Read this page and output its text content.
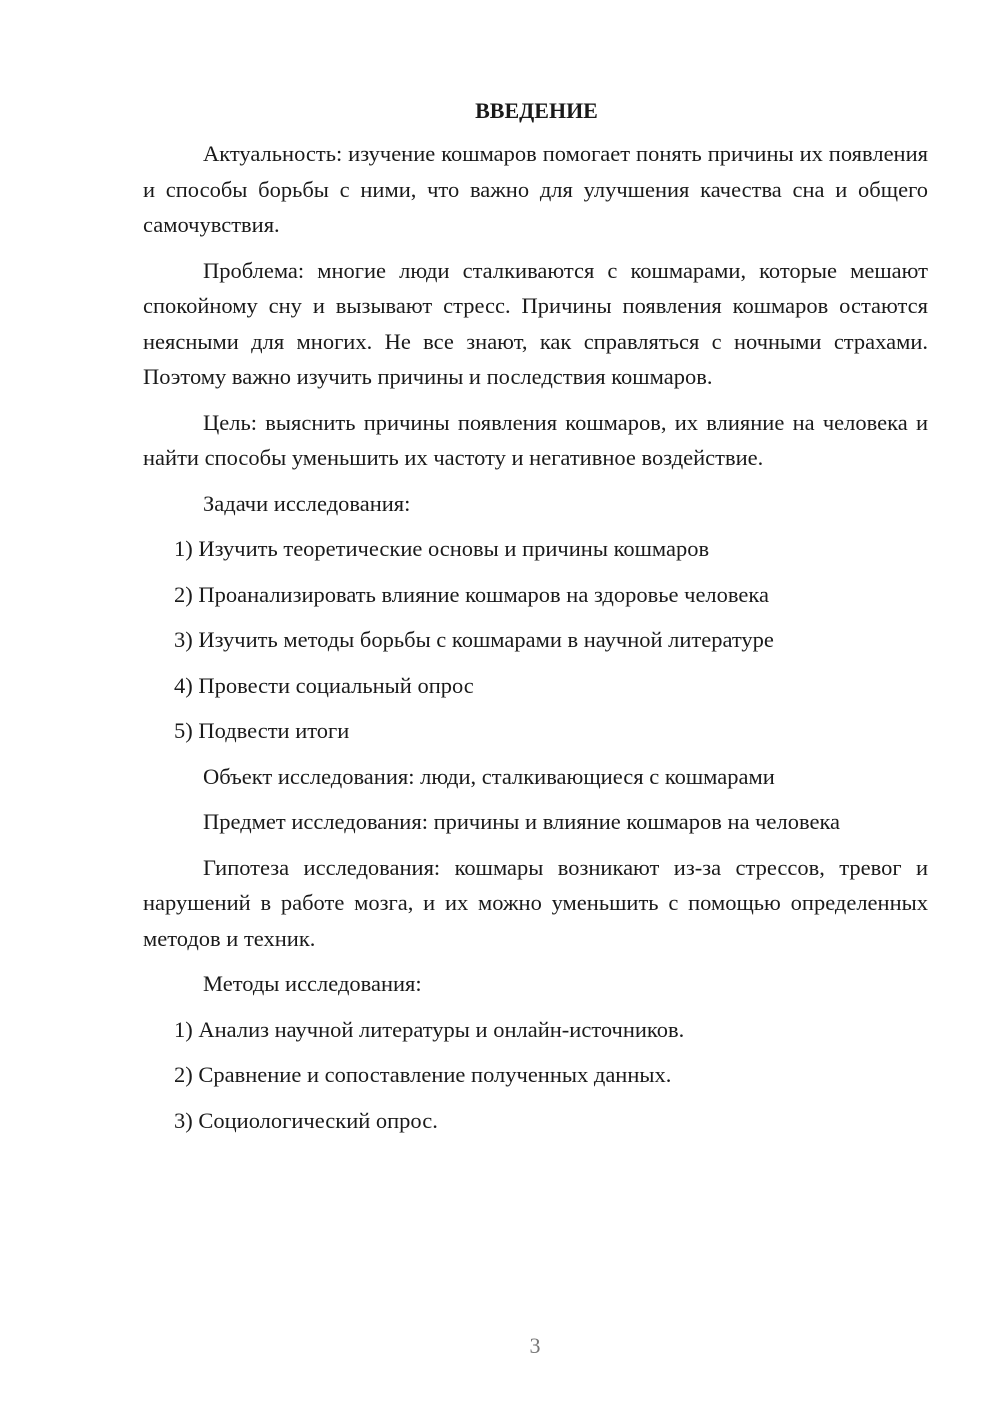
ВВЕДЕНИЕ
Актуальность: изучение кошмаров помогает понять причины их появления и способы борьбы с ними, что важно для улучшения качества сна и общего самочувствия.
Проблема: многие люди сталкиваются с кошмарами, которые мешают спокойному сну и вызывают стресс. Причины появления кошмаров остаются неясными для многих. Не все знают, как справляться с ночными страхами. Поэтому важно изучить причины и последствия кошмаров.
Цель: выяснить причины появления кошмаров, их влияние на человека и найти способы уменьшить их частоту и негативное воздействие.
Задачи исследования:
1) Изучить теоретические основы и причины кошмаров
2) Проанализировать влияние кошмаров на здоровье человека
3) Изучить методы борьбы с кошмарами в научной литературе
4) Провести социальный опрос
5) Подвести итоги
Объект исследования: люди, сталкивающиеся с кошмарами
Предмет исследования: причины и влияние кошмаров на человека
Гипотеза исследования: кошмары возникают из-за стрессов, тревог и нарушений в работе мозга, и их можно уменьшить с помощью определенных методов и техник.
Методы исследования:
1) Анализ научной литературы и онлайн-источников.
2) Сравнение и сопоставление полученных данных.
3) Социологический опрос.
3
